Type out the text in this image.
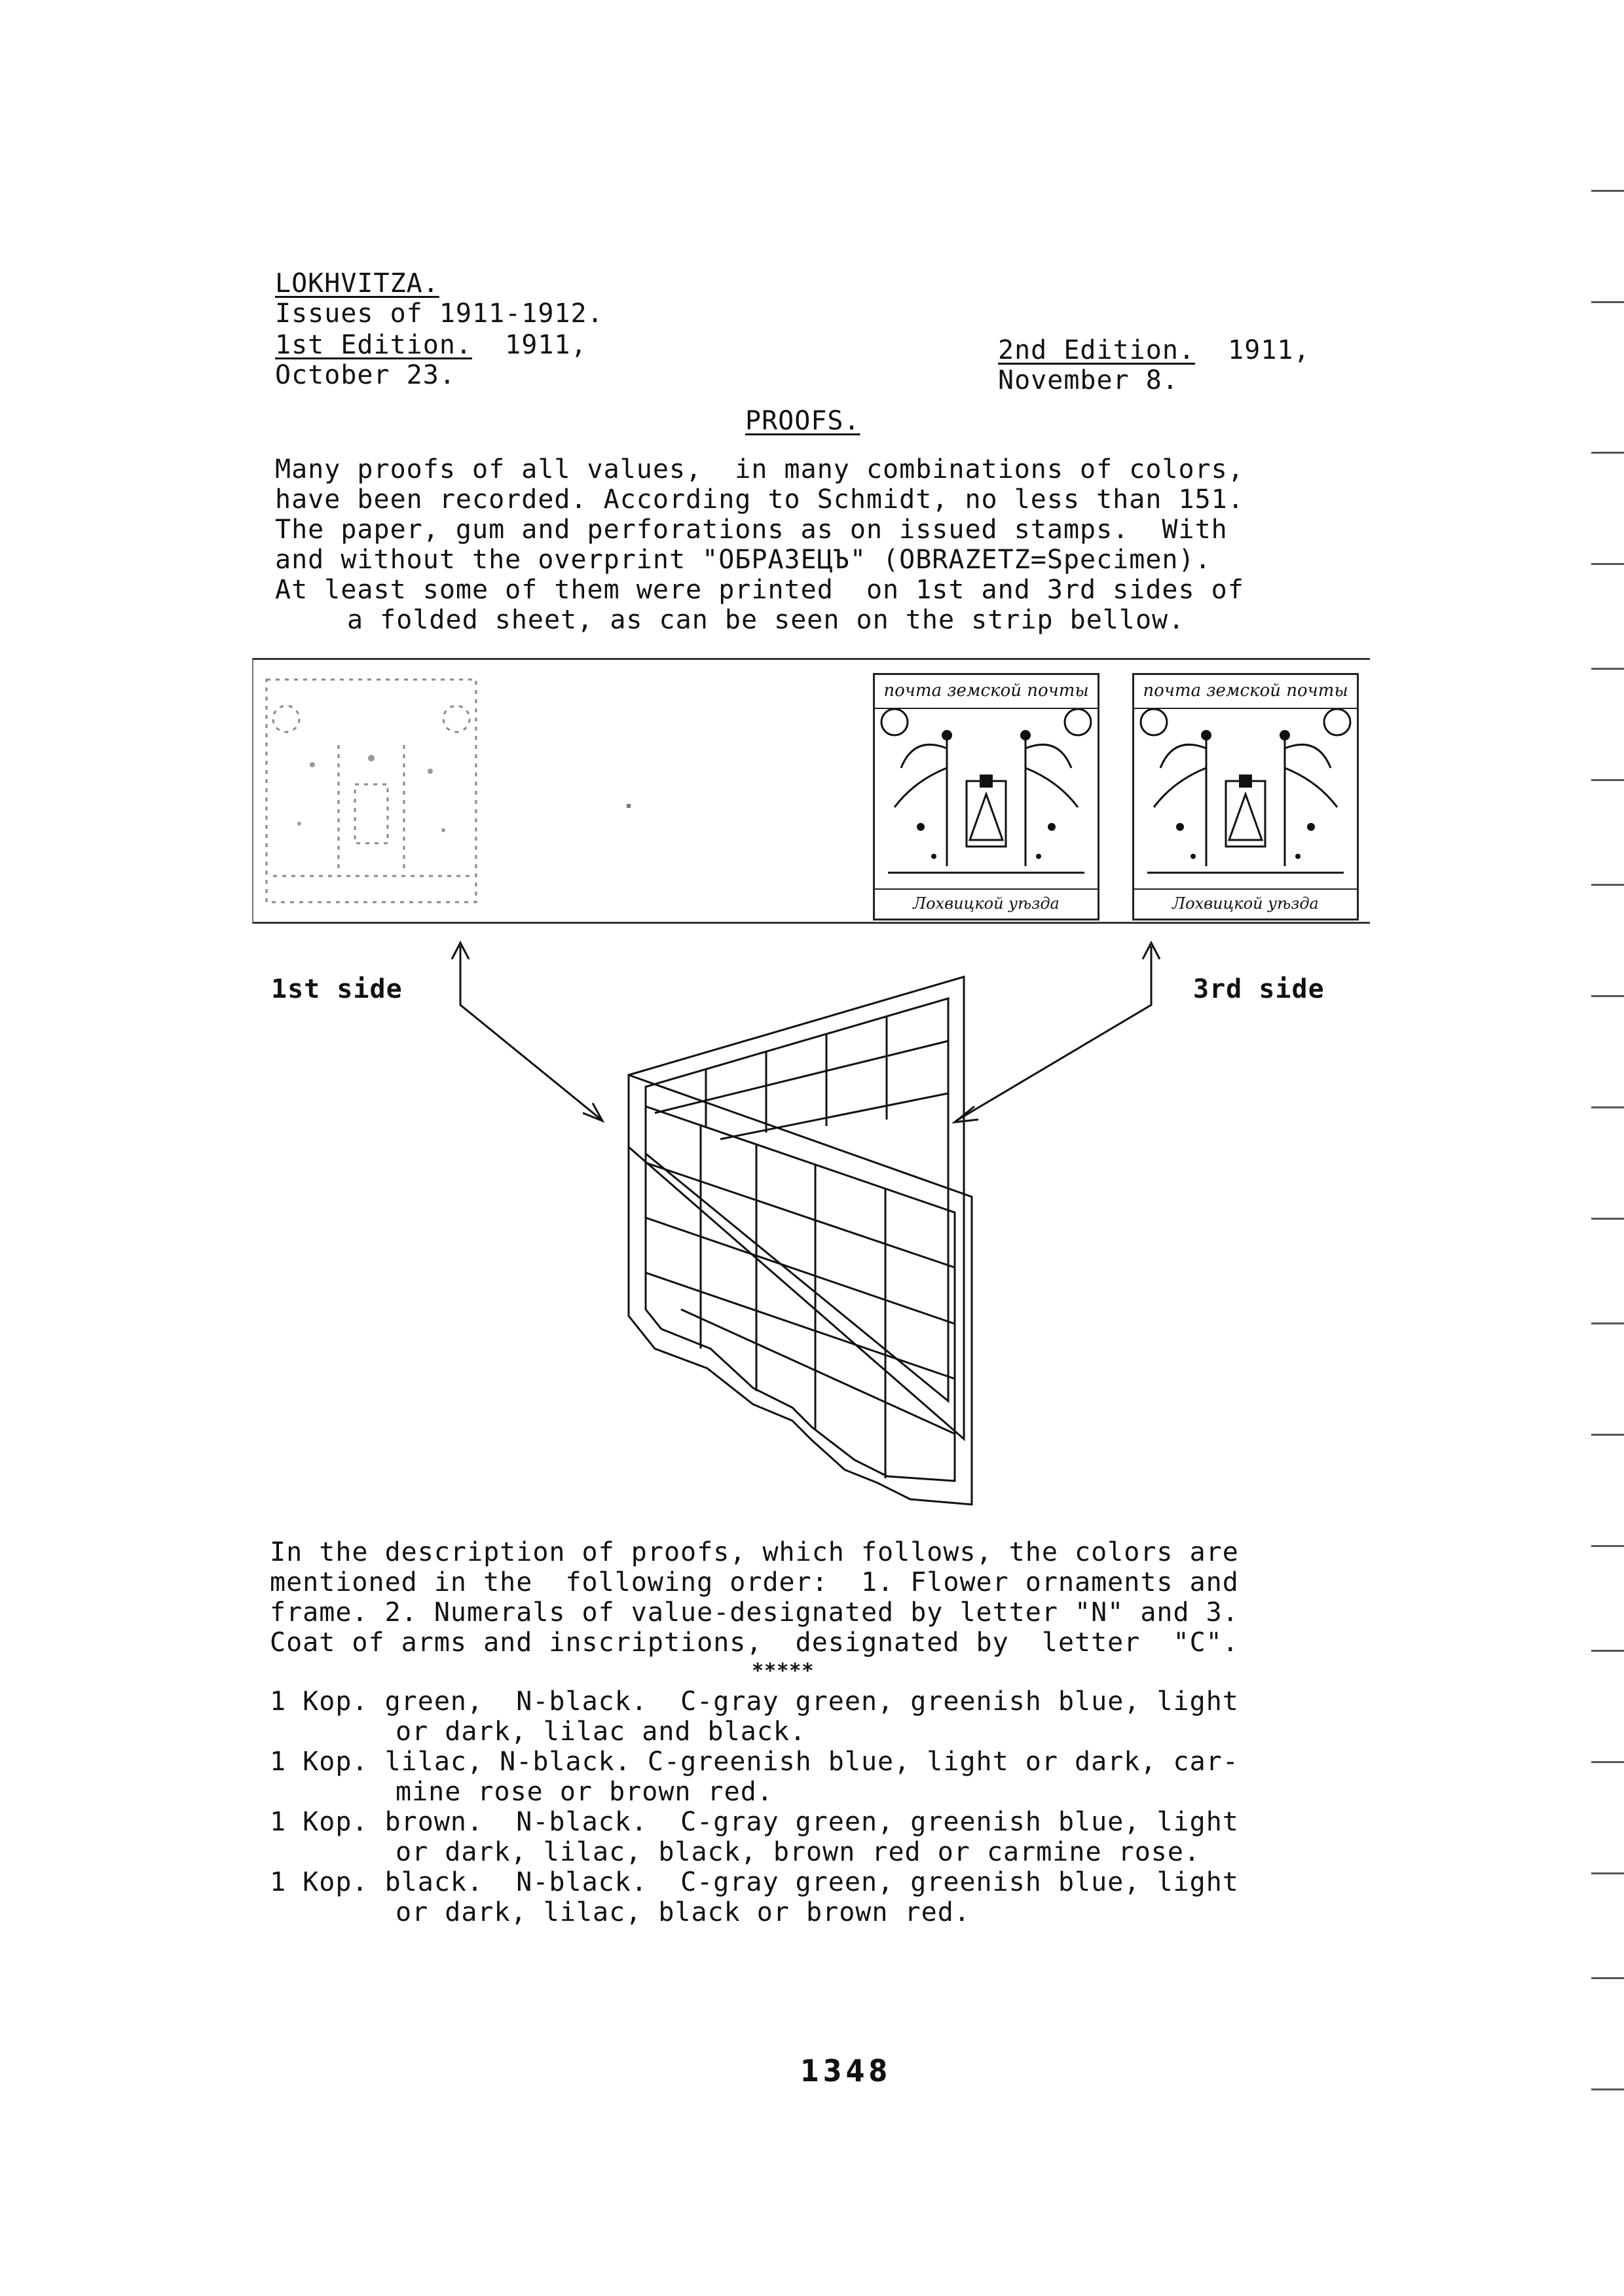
LOKHVITZA.
Issues of 1911-1912.
1st Edition. 1911,
October 23.
2nd Edition. 1911,
November 8.
PROOFS.
Many proofs of all values,  in many combinations of colors,
have been recorded. According to Schmidt, no less than 151.
The paper, gum and perforations as on issued stamps.  With
and without the overprint "ОБРАЗЕЦЪ" (OBRAZETZ=Specimen).
At least some of them were printed  on 1st and 3rd sides of
a folded sheet, as can be seen on the strip bellow.
почта земской почты
Лохвицкой уѣзда
почта земской почты
Лохвицкой уѣзда
1st side	3rd side
In the description of proofs, which follows, the colors are
mentioned in the  following order:  1. Flower ornaments and
frame. 2. Numerals of value-designated by letter "N" and 3.
Coat of arms and inscriptions,  designated by  letter  "C".
*****
1 Kop. green,  N-black.  C-gray green, greenish blue, light
or dark, lilac and black.
1 Kop. lilac, N-black. C-greenish blue, light or dark, car-
mine rose or brown red.
1 Kop. brown.  N-black.  C-gray green, greenish blue, light
or dark, lilac, black, brown red or carmine rose.
1 Kop. black.  N-black.  C-gray green, greenish blue, light
or dark, lilac, black or brown red.
1348
